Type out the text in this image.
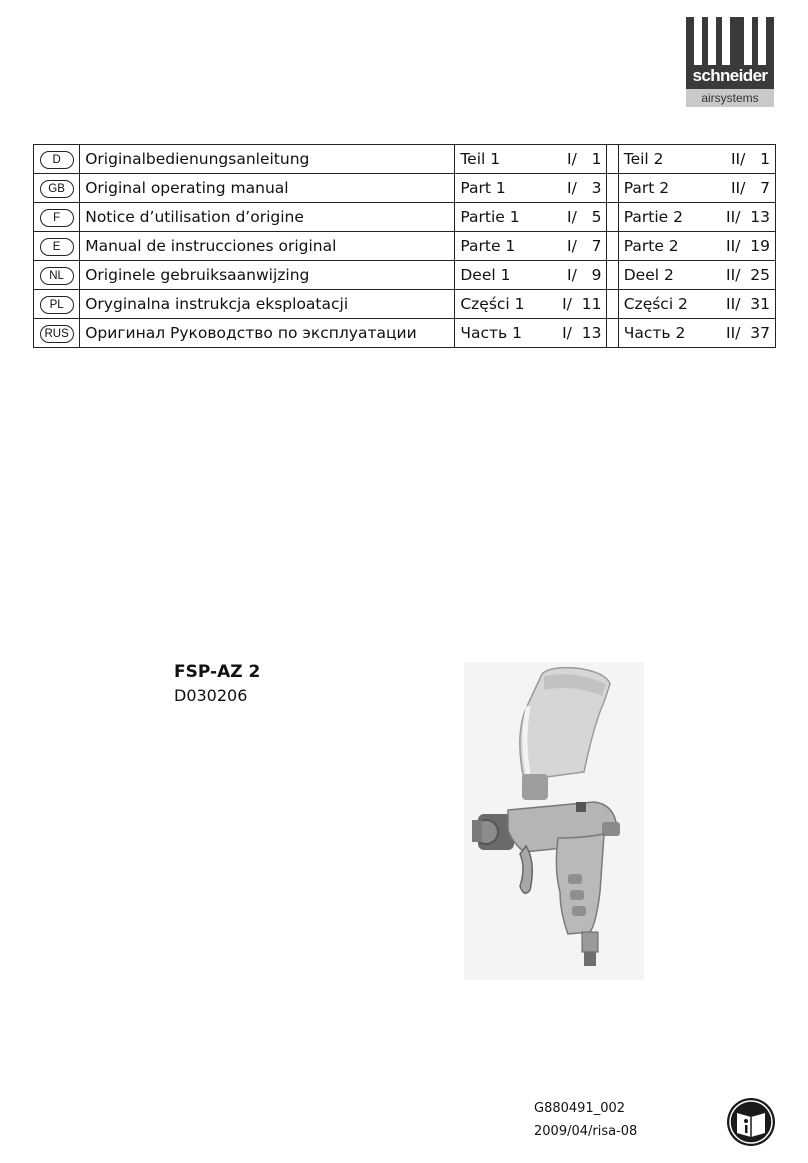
schneider
airsystems
D	Originalbedienungsanleitung	Teil 1	I/   1		Teil 2	II/   1
GB	Original operating manual	Part 1	I/   3		Part 2	II/   7
F	Notice d’utilisation d’origine	Partie 1	I/   5		Partie 2	II/  13
E	Manual de instrucciones original	Parte 1	I/   7		Parte 2	II/  19
NL	Originele gebruiksaanwijzing	Deel 1	I/   9		Deel 2	II/  25
PL	Oryginalna instrukcja eksploatacji	Części 1	I/  11		Części 2	II/  31
RUS	Оригинал Руководство по эксплуатации	Часть 1	I/  13		Часть 2	II/  37
FSP-AZ 2
D030206
G880491_002
2009/04/risa-08
